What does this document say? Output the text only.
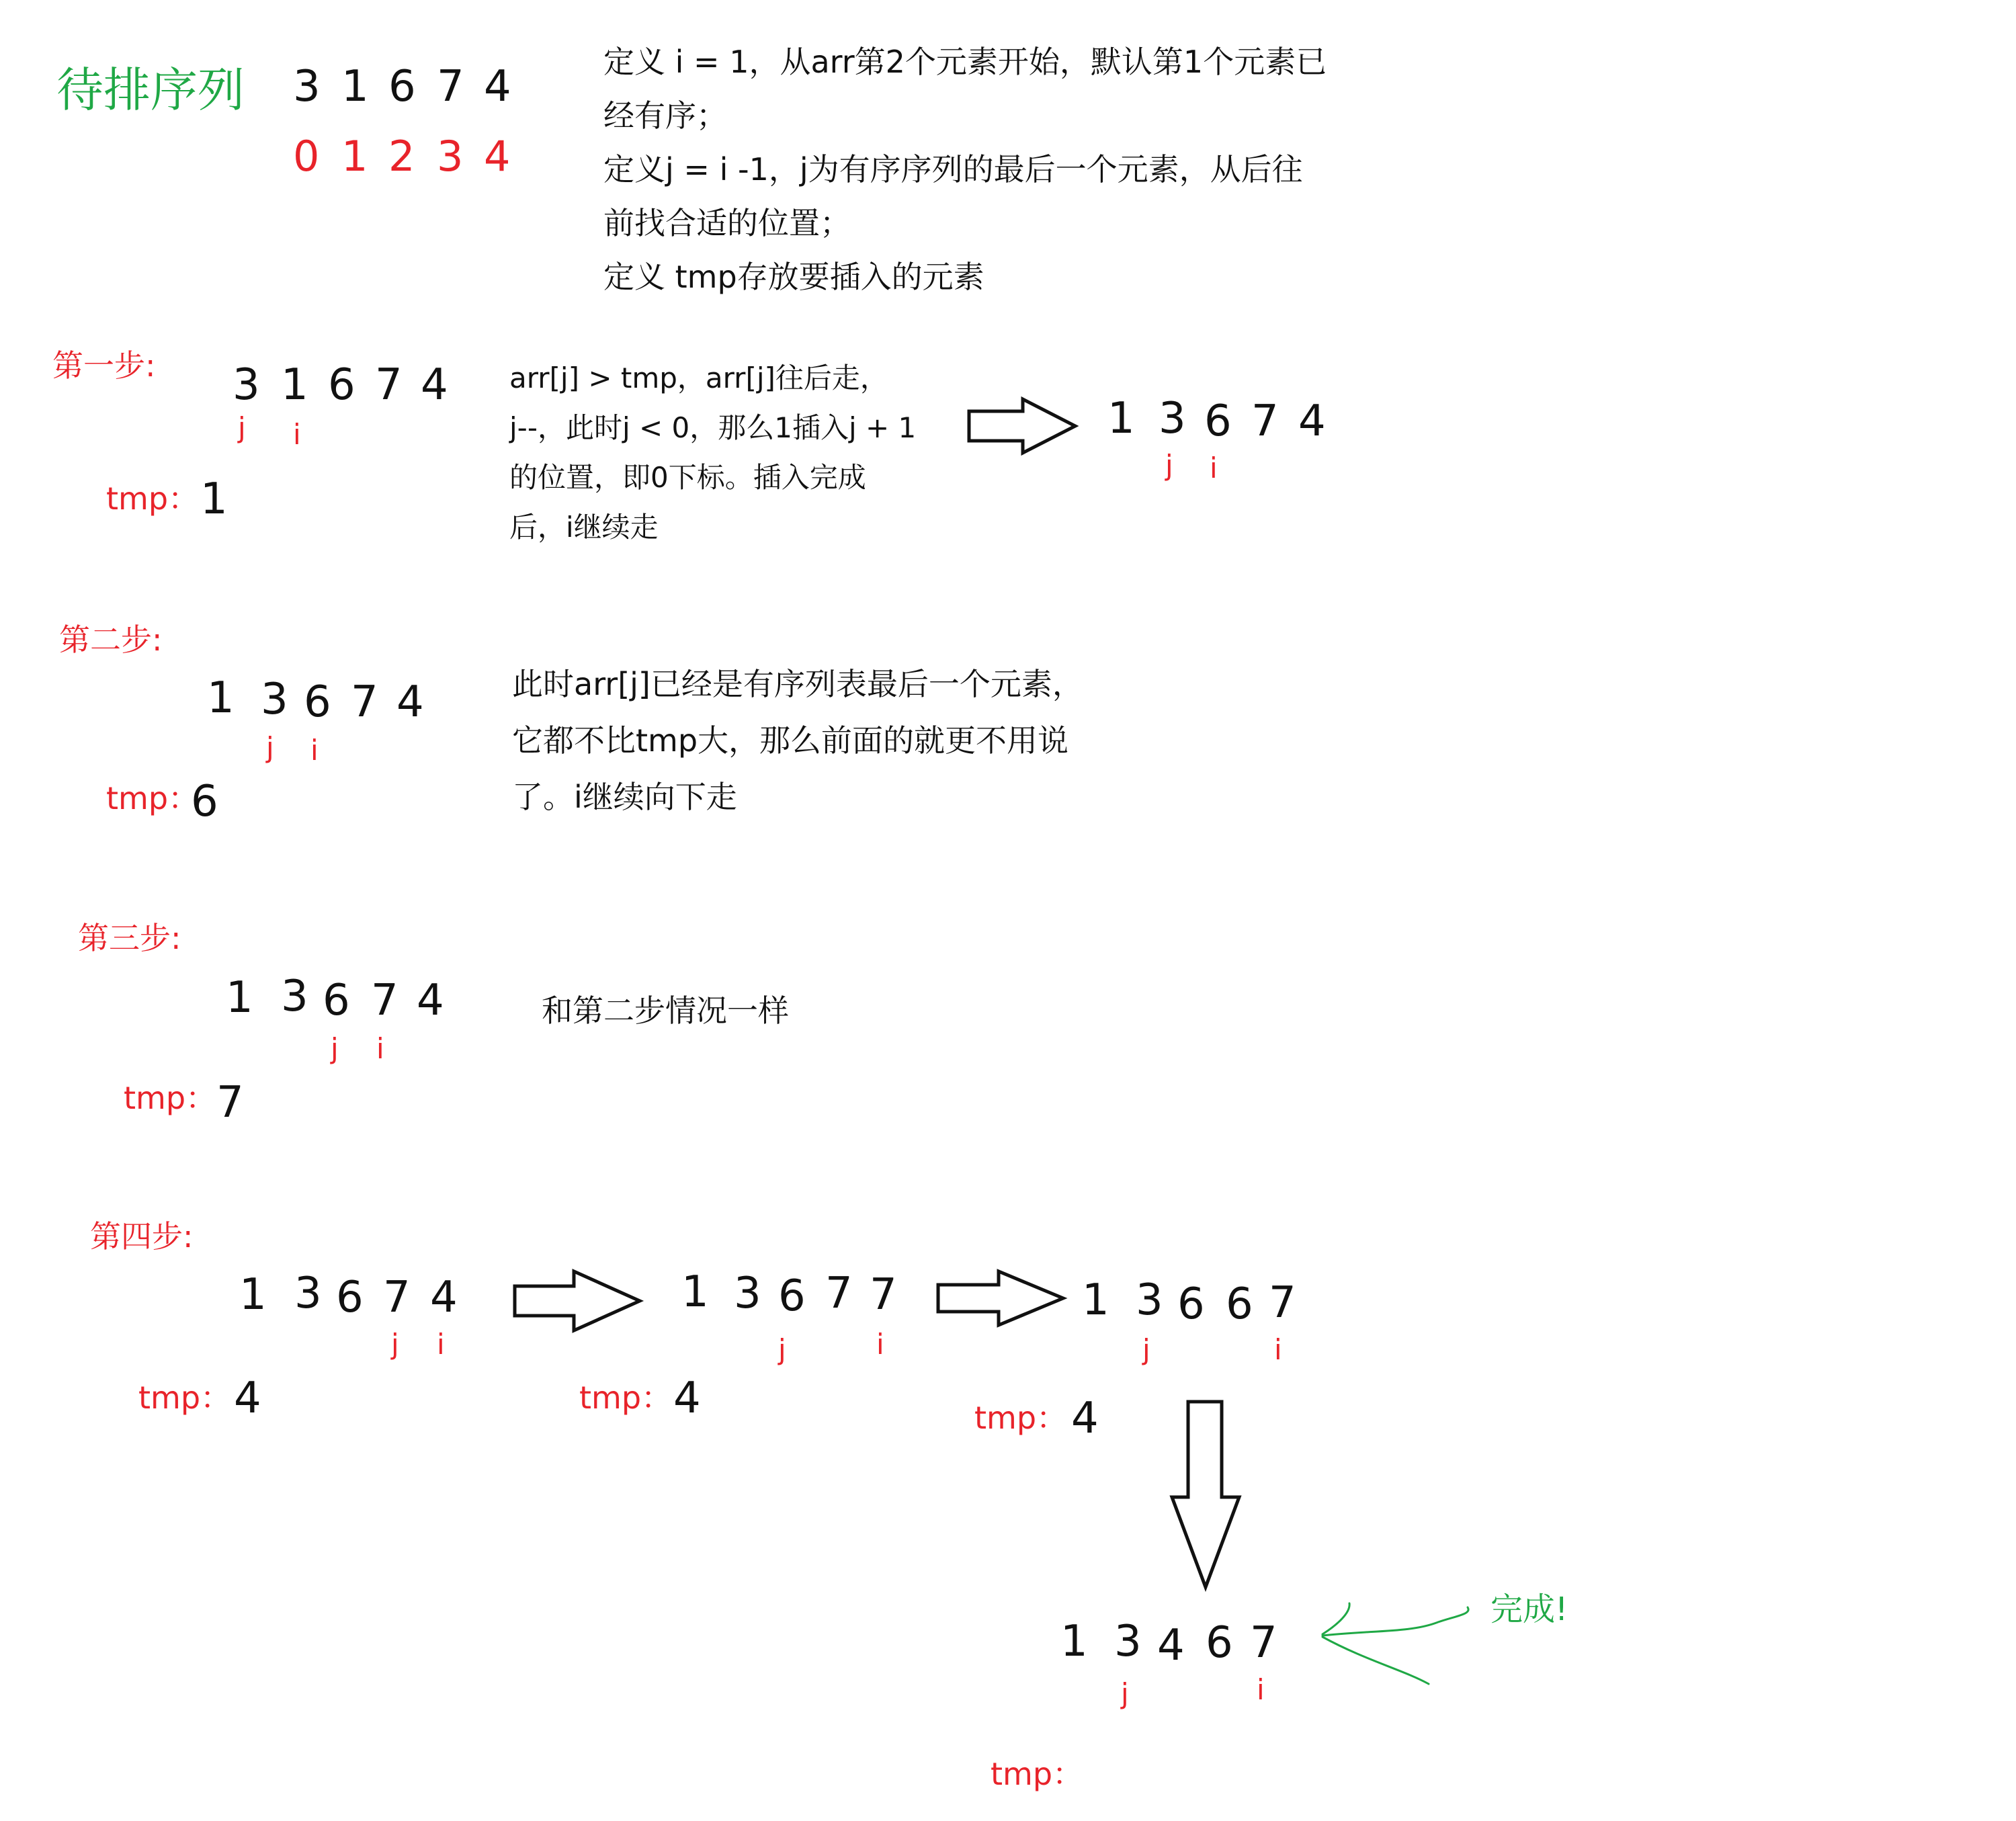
待排序列 3 1 6 7 4
0 1 2 3 4
定义 i = 1，从arr第2个元素开始，默认第1个元素已
经有序；
定义j = i -1，j为有序序列的最后一个元素，从后往
前找合适的位置；
定义 tmp存放要插入的元素
第一步: 3 1 6 7 4
j i
tmp： 1
arr[j] > tmp，arr[j]往后走，
j--，此时j < 0，那么1插入j + 1
的位置，即0下标。插入完成
后，i继续走
1 3 6 7 4
j i
第二步:
1 3 6 7 4
j i
tmp：
6
此时arr[j]已经是有序列表最后一个元素，
它都不比tmp大，那么前面的就更不用说
了。i继续向下走
第三步:
1 3 6 7 4
j i
tmp： 7
和第二步情况一样
第四步:
1 3 6 7 4
j i
tmp： 4
1 3 6 7 7
j	i
tmp： 4
1 3 6 6 7
j	i
tmp： 4
1 3 4 6 7
j	i
tmp：
完成!
